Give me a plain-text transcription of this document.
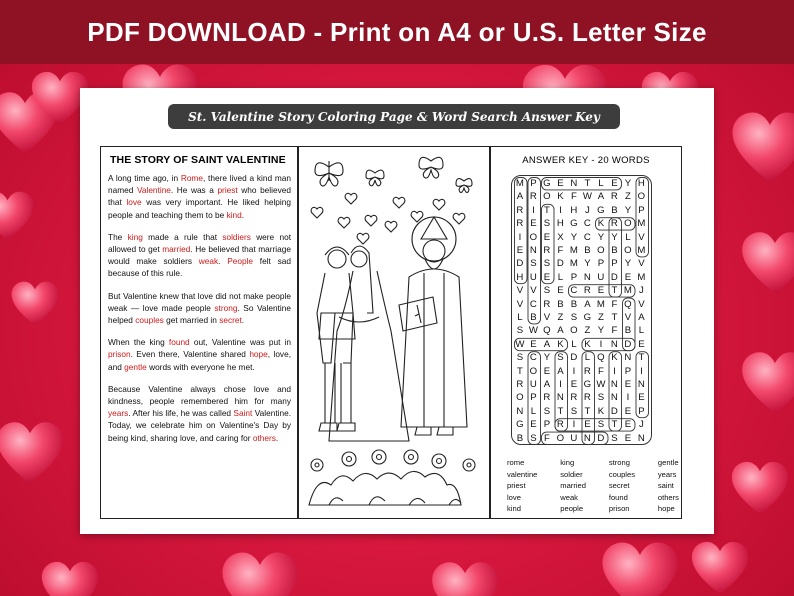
PDF DOWNLOAD - Print on A4 or U.S. Letter Size
St. Valentine Story Coloring Page & Word Search Answer Key
THE STORY OF SAINT VALENTINE

A long time ago, in Rome, there lived a kind man named Valentine. He was a priest who believed that love was very important. He liked helping people and teaching them to be kind.

The king made a rule that soldiers were not allowed to get married. He believed that marriage would make soldiers weak. People felt sad because of this rule.

But Valentine knew that love did not make people weak — love made people strong. So Valentine helped couples get married in secret.

When the king found out, Valentine was put in prison. Even there, Valentine shared hope, love, and gentle words with everyone he met.

Because Valentine always chose love and kindness, people remembered him for many years. After his life, he was called Saint Valentine. Today, we celebrate him on Valentine's Day by being kind, sharing love, and caring for others.

ANSWER KEY - 20 WORDS
M P G E N T L E Y H
A R O K F W A R Z O
R I T I H J G B Y P
R E S H G C K R O M
I O E X Y C Y Y L V
E N R F M B O B O M
D S S D M Y P P Y V
H U E L P N U D E M
V V S E C R E T M J
V C R B B A M F Q V
L B V Z S G Z T V A
S W Q A O Z Y F B L
W E A K L K I N D E
S C Y S D L Q K N T
T O E A I R F I P I
R U A I E G W N E N
O P R N R R S N I E
N L S T S T K D E P
G E P R I E S T E J
B S F O U N D S E N
rome
valentine
priest
love
kind
king
soldier
married
weak
people
strong
couples
secret
found
prison
gentle
years
saint
others
hope
